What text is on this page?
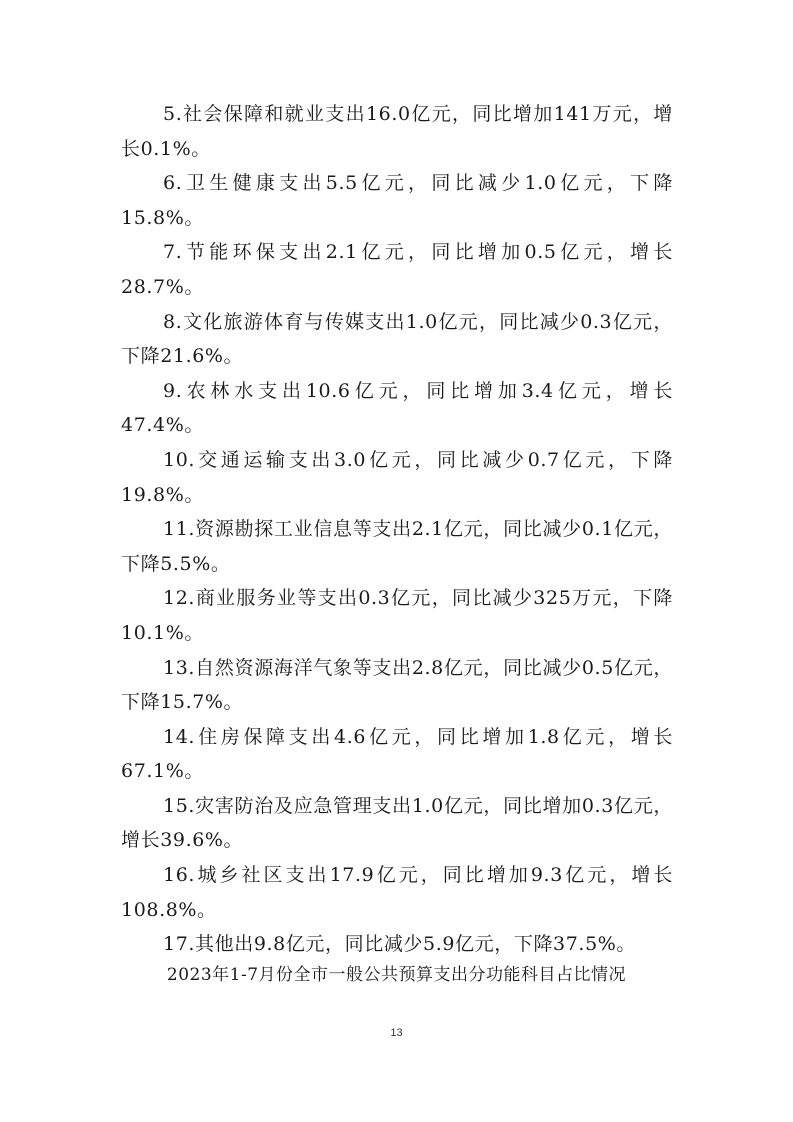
5.社会保障和就业支出16.0亿元，同比增加141万元，增长0.1%。

6.卫生健康支出5.5亿元，同比减少1.0亿元，下降15.8%。

7.节能环保支出2.1亿元，同比增加0.5亿元，增长28.7%。

8.文化旅游体育与传媒支出1.0亿元，同比减少0.3亿元，下降21.6%。

9.农林水支出10.6亿元，同比增加3.4亿元，增长47.4%。

10.交通运输支出3.0亿元，同比减少0.7亿元，下降19.8%。

11.资源勘探工业信息等支出2.1亿元，同比减少0.1亿元，下降5.5%。

12.商业服务业等支出0.3亿元，同比减少325万元，下降10.1%。

13.自然资源海洋气象等支出2.8亿元，同比减少0.5亿元，下降15.7%。

14.住房保障支出4.6亿元，同比增加1.8亿元，增长67.1%。

15.灾害防治及应急管理支出1.0亿元，同比增加0.3亿元，增长39.6%。

16.城乡社区支出17.9亿元，同比增加9.3亿元，增长108.8%。

17.其他出9.8亿元，同比减少5.9亿元，下降37.5%。

2023年1-7月份全市一般公共预算支出分功能科目占比情况
13
